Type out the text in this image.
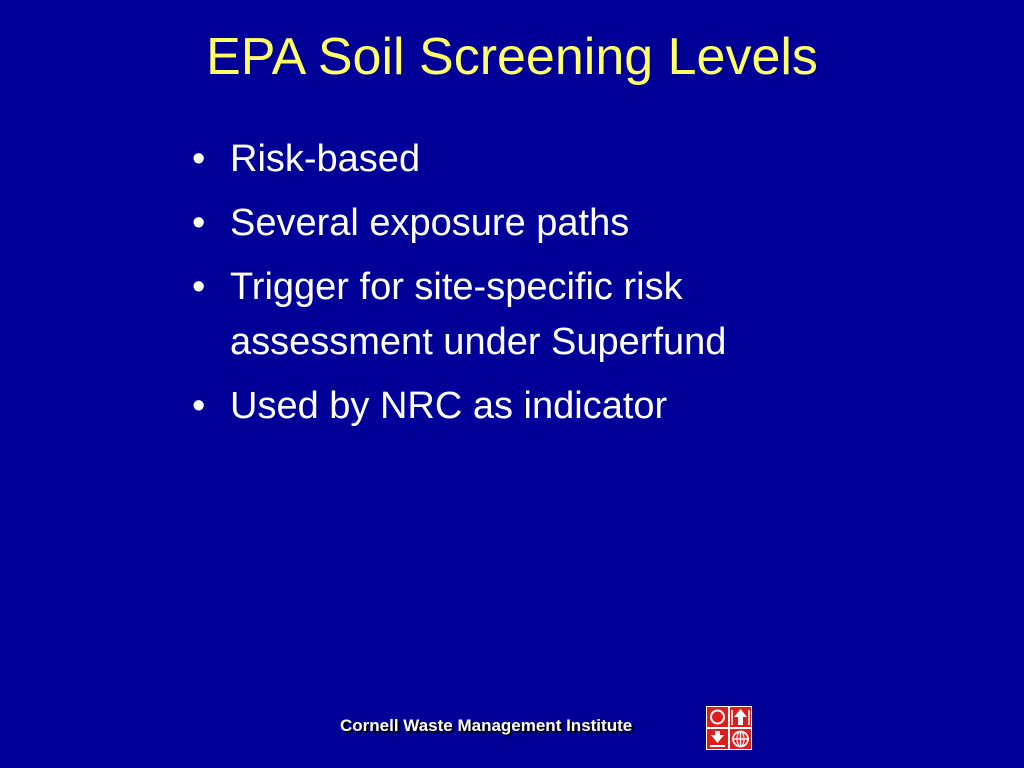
EPA Soil Screening Levels
• Risk-based
• Several exposure paths
• Trigger for site-specific risk assessment under Superfund
• Used by NRC as indicator
Cornell Waste Management Institute
